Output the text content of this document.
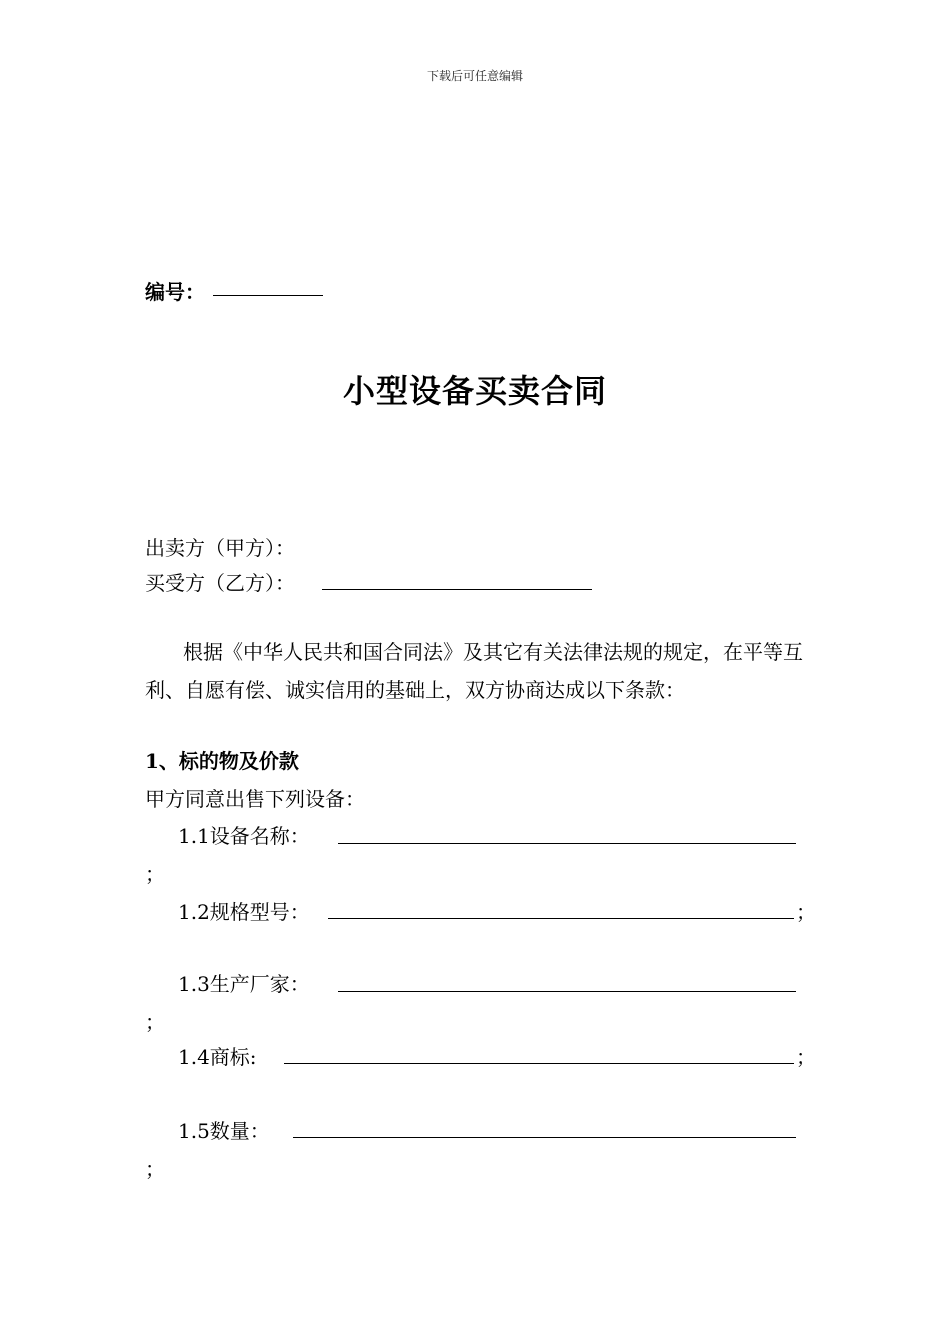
下载后可任意编辑
编号：
小型设备买卖合同
出卖方（甲方）：
买受方（乙方）：
根据《中华人民共和国合同法》及其它有关法律法规的规定，在平等互利、自愿有偿、诚实信用的基础上，双方协商达成以下条款：
1、标的物及价款
甲方同意出售下列设备：
1.1设备名称：
；
1.2规格型号：	；
1.3生产厂家：
；
1.4商标:	；
1.5数量：
；
